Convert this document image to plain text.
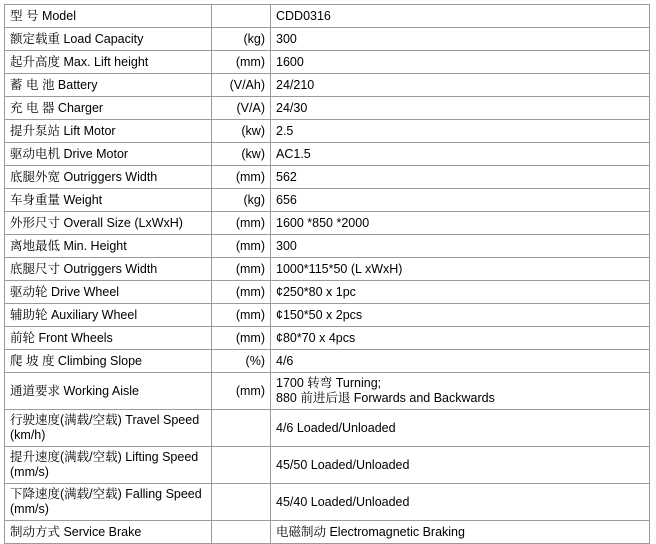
型 号 Model		CDD0316
额定载重 Load Capacity	(kg)	300
起升高度 Max. Lift height	(mm)	1600
蓄 电 池 Battery	(V/Ah)	24/210
充 电 器 Charger	(V/A)	24/30
提升泵站 Lift Motor	(kw)	2.5
驱动电机 Drive Motor	(kw)	AC1.5
底腿外宽 Outriggers Width	(mm)	562
车身重量 Weight	(kg)	656
外形尺寸 Overall Size (LxWxH)	(mm)	1600 *850 *2000
离地最低 Min. Height	(mm)	300
底腿尺寸 Outriggers Width	(mm)	1000*115*50 (L xWxH)
驱动轮 Drive Wheel	(mm)	¢250*80 x 1pc
辅助轮 Auxiliary Wheel	(mm)	¢150*50 x 2pcs
前轮 Front Wheels	(mm)	¢80*70 x 4pcs
爬 坡 度 Climbing Slope	(%)	4/6
通道要求 Working Aisle	(mm)	1700 转弯 Turning;
880 前进后退 Forwards and Backwards

行驶速度(满载/空载) Travel Speed (km/h)		4/6 Loaded/Unloaded

提升速度(满载/空载) Lifting Speed
(mm/s)		45/50 Loaded/Unloaded

下降速度(满载/空载) Falling Speed
(mm/s)		45/40 Loaded/Unloaded
制动方式 Service Brake		电磁制动 Electromagnetic Braking
